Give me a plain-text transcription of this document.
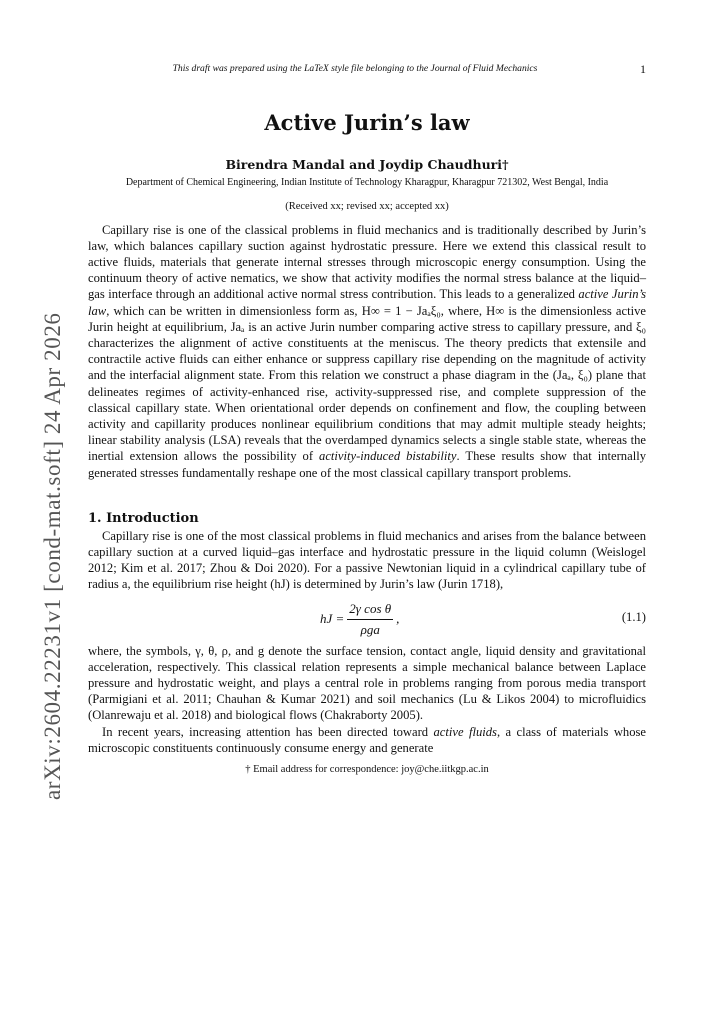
arXiv:2604.22231v1 [cond-mat.soft] 24 Apr 2026
This draft was prepared using the LaTeX style file belonging to the Journal of Fluid Mechanics	1
Active Jurin’s law
Birendra Mandal and Joydip Chaudhuri†
Department of Chemical Engineering, Indian Institute of Technology Kharagpur, Kharagpur 721302, West Bengal, India
(Received xx; revised xx; accepted xx)

Capillary rise is one of the classical problems in fluid mechanics and is traditionally described by Jurin’s law, which balances capillary suction against hydrostatic pressure. Here we extend this classical result to active fluids, materials that generate internal stresses through microscopic energy consumption. Using the continuum theory of active nematics, we show that activity modifies the normal stress balance at the liquid–gas interface through an additional active normal stress contribution. This leads to a generalized active Jurin’s law, which can be written in dimensionless form as, H∞ = 1 − Jaₐξ₀, where, H∞ is the dimensionless active Jurin height at equilibrium, Jaₐ is an active Jurin number comparing active stress to capillary pressure, and ξ₀ characterizes the alignment of active constituents at the meniscus. The theory predicts that extensile and contractile active fluids can either enhance or suppress capillary rise depending on the magnitude of activity and the interfacial alignment state. From this relation we construct a phase diagram in the (Jaₐ, ξ₀) plane that delineates regimes of activity-enhanced rise, activity-suppressed rise, and complete suppression of the classical capillary state. When orientational order depends on confinement and flow, the coupling between activity and capillarity produces nonlinear equilibrium conditions that may admit multiple steady heights; linear stability analysis (LSA) reveals that the overdamped dynamics selects a single stable state, whereas the inertial extension allows the possibility of activity-induced bistability. These results show that internally generated stresses fundamentally reshape one of the most classical capillary transport problems.

1. Introduction

Capillary rise is one of the most classical problems in fluid mechanics and arises from the balance between capillary suction at a curved liquid–gas interface and hydrostatic pressure in the liquid column (Weislogel 2012; Kim et al. 2017; Zhou & Doi 2020). For a passive Newtonian liquid in a cylindrical capillary tube of radius a, the equilibrium rise height (hJ) is determined by Jurin’s law (Jurin 1718),

hJ = $\frac{\text{2γ cos θ}}{\text{ρga}}$ ,	(1.1)

where, the symbols, γ, θ, ρ, and g denote the surface tension, contact angle, liquid density and gravitational acceleration, respectively. This classical relation represents a simple mechanical balance between Laplace pressure and hydrostatic weight, and plays a central role in problems ranging from porous media transport (Parmigiani et al. 2011; Chauhan & Kumar 2021) and soil mechanics (Lu & Likos 2004) to microfluidics (Olanrewaju et al. 2018) and biological flows (Chakraborty 2005).

In recent years, increasing attention has been directed toward active fluids, a class of materials whose microscopic constituents continuously consume energy and generate

† Email address for correspondence: joy@che.iitkgp.ac.in
